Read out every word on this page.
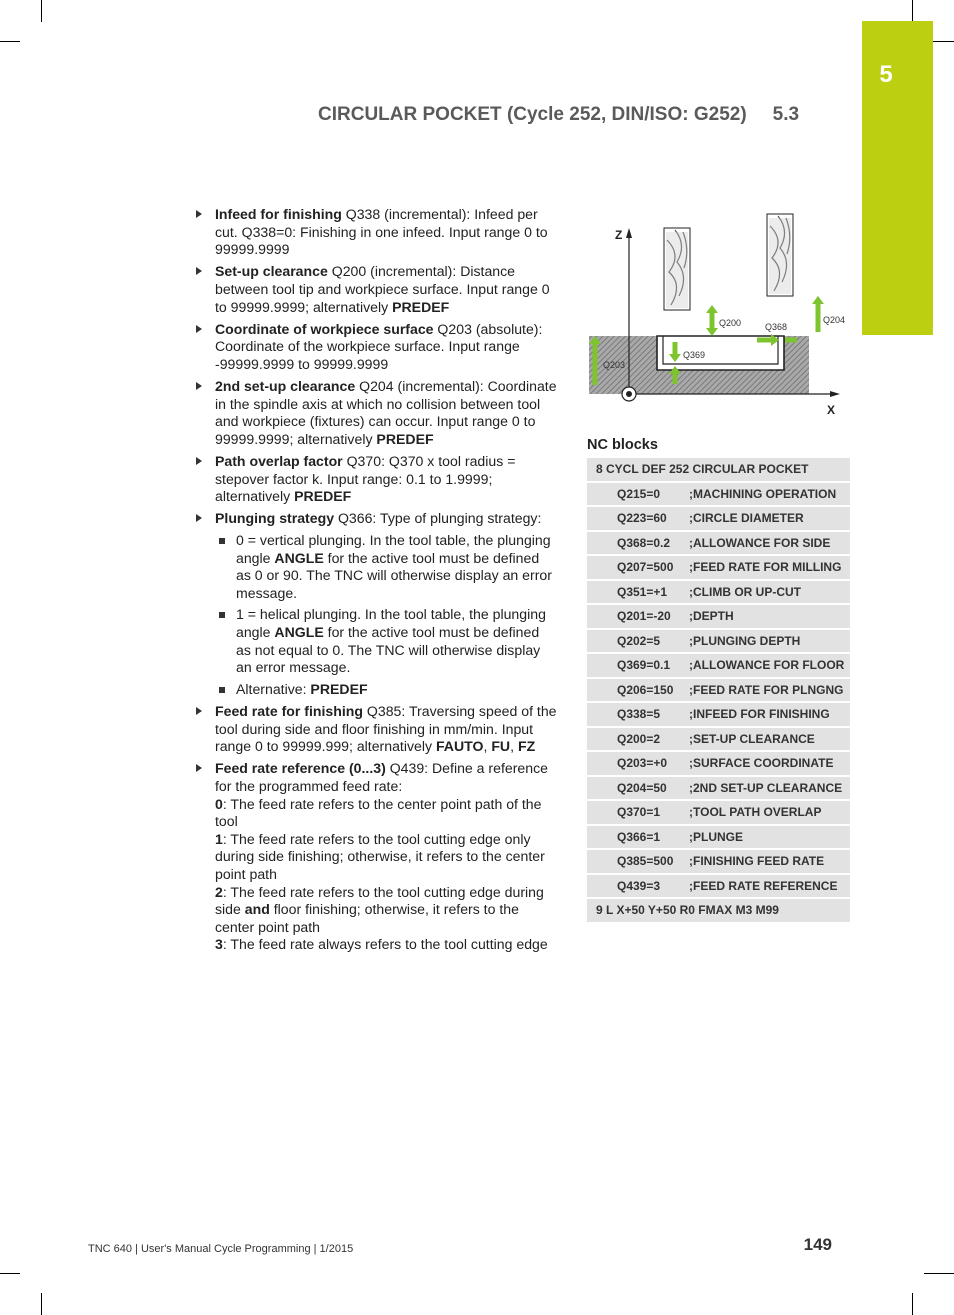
5
CIRCULAR POCKET (Cycle 252, DIN/ISO: G252) 5.3
Infeed for finishing Q338 (incremental): Infeed per cut. Q338=0: Finishing in one infeed. Input range 0 to 99999.9999
Set-up clearance Q200 (incremental): Distance between tool tip and workpiece surface. Input range 0 to 99999.9999; alternatively PREDEF
Coordinate of workpiece surface Q203 (absolute): Coordinate of the workpiece surface. Input range -99999.9999 to 99999.9999
2nd set-up clearance Q204 (incremental): Coordinate in the spindle axis at which no collision between tool and workpiece (fixtures) can occur. Input range 0 to 99999.9999; alternatively PREDEF
Path overlap factor Q370: Q370 x tool radius = stepover factor k. Input range: 0.1 to 1.9999; alternatively PREDEF
Plunging strategy Q366: Type of plunging strategy:
0 = vertical plunging. In the tool table, the plunging angle ANGLE for the active tool must be defined as 0 or 90. The TNC will otherwise display an error message.
1 = helical plunging. In the tool table, the plunging angle ANGLE for the active tool must be defined as not equal to 0. The TNC will otherwise display an error message.
Alternative: PREDEF
Feed rate for finishing Q385: Traversing speed of the tool during side and floor finishing in mm/min. Input range 0 to 99999.999; alternatively FAUTO, FU, FZ
Feed rate reference (0...3) Q439: Define a reference for the programmed feed rate:
0: The feed rate refers to the center point path of the tool
1: The feed rate refers to the tool cutting edge only during side finishing; otherwise, it refers to the center point path
2: The feed rate refers to the tool cutting edge during side and floor finishing; otherwise, it refers to the center point path
3: The feed rate always refers to the tool cutting edge
Z
X
Q200	Q204
Q368
Q203
Q369
NC blocks
8 CYCL DEF 252 CIRCULAR POCKET	
Q215=0	;MACHINING OPERATION
Q223=60	;CIRCLE DIAMETER
Q368=0.2	;ALLOWANCE FOR SIDE
Q207=500	;FEED RATE FOR MILLING
Q351=+1	;CLIMB OR UP-CUT
Q201=-20	;DEPTH
Q202=5	;PLUNGING DEPTH
Q369=0.1	;ALLOWANCE FOR FLOOR
Q206=150	;FEED RATE FOR PLNGNG
Q338=5	;INFEED FOR FINISHING
Q200=2	;SET-UP CLEARANCE
Q203=+0	;SURFACE COORDINATE
Q204=50	;2ND SET-UP CLEARANCE
Q370=1	;TOOL PATH OVERLAP
Q366=1	;PLUNGE
Q385=500	;FINISHING FEED RATE
Q439=3	;FEED RATE REFERENCE
9 L X+50 Y+50 R0 FMAX M3 M99	
TNC 640 | User's Manual Cycle Programming | 1/2015	149
